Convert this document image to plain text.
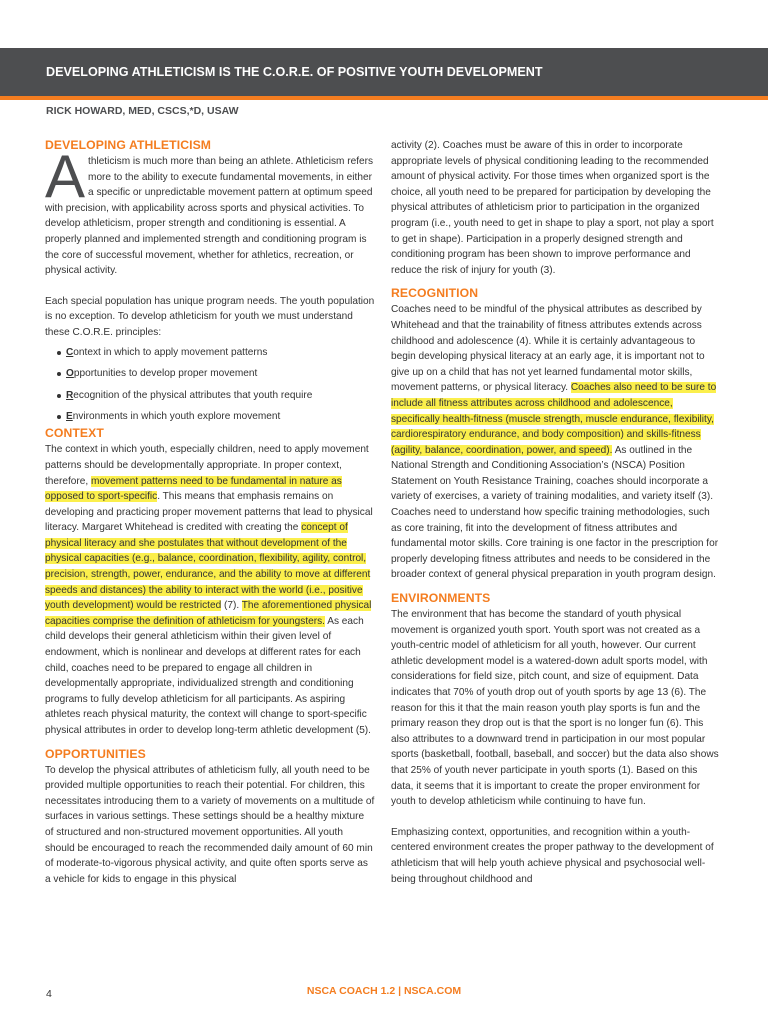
DEVELOPING ATHLETICISM IS THE C.O.R.E. OF POSITIVE YOUTH DEVELOPMENT

RICK HOWARD, MED, CSCS,*D, USAW

DEVELOPING ATHLETICISM

Athleticism is much more than being an athlete. Athleticism refers more to the ability to execute fundamental movements, in either a specific or unpredictable movement pattern at optimum speed with precision, with applicability across sports and physical activities. To develop athleticism, proper strength and conditioning is essential. A properly planned and implemented strength and conditioning program is the core of successful movement, whether for athletics, recreation, or physical activity.

Each special population has unique program needs. The youth population is no exception. To develop athleticism for youth we must understand these C.O.R.E. principles:

Context in which to apply movement patterns
Opportunities to develop proper movement
Recognition of the physical attributes that youth require
Environments in which youth explore movement
CONTEXT

The context in which youth, especially children, need to apply movement patterns should be developmentally appropriate. In proper context, therefore, movement patterns need to be fundamental in nature as opposed to sport-specific. This means that emphasis remains on developing and practicing proper movement patterns that lead to physical literacy. Margaret Whitehead is credited with creating the concept of physical literacy and she postulates that without development of the physical capacities (e.g., balance, coordination, flexibility, agility, control, precision, strength, power, endurance, and the ability to move at different speeds and distances) the ability to interact with the world (i.e., positive youth development) would be restricted (7). The aforementioned physical capacities comprise the definition of athleticism for youngsters. As each child develops their general athleticism within their given level of endowment, which is nonlinear and develops at different rates for each child, coaches need to be prepared to engage all children in developmentally appropriate, individualized strength and conditioning programs to fully develop athleticism for all participants. As aspiring athletes reach physical maturity, the context will change to sport-specific physical attributes in order to develop long-term athletic development (5).

OPPORTUNITIES

To develop the physical attributes of athleticism fully, all youth need to be provided multiple opportunities to reach their potential. For children, this necessitates introducing them to a variety of movements on a multitude of surfaces in various settings. These settings should be a healthy mixture of structured and non-structured movement opportunities. All youth should be encouraged to reach the recommended daily amount of 60 min of moderate-to-vigorous physical activity, and quite often sports serve as a vehicle for kids to engage in this physical

activity (2). Coaches must be aware of this in order to incorporate appropriate levels of physical conditioning leading to the recommended amount of physical activity. For those times when organized sport is the choice, all youth need to be prepared for participation by developing the physical attributes of athleticism prior to participation in the organized program (i.e., youth need to get in shape to play a sport, not play a sport to get in shape). Participation in a properly designed strength and conditioning program has been shown to improve performance and reduce the risk of injury for youth (3).

RECOGNITION

Coaches need to be mindful of the physical attributes as described by Whitehead and that the trainability of fitness attributes extends across childhood and adolescence (4). While it is certainly advantageous to begin developing physical literacy at an early age, it is important not to give up on a child that has not yet learned fundamental motor skills, movement patterns, or physical literacy. Coaches also need to be sure to include all fitness attributes across childhood and adolescence, specifically health-fitness (muscle strength, muscle endurance, flexibility, cardiorespiratory endurance, and body composition) and skills-fitness (agility, balance, coordination, power, and speed). As outlined in the National Strength and Conditioning Association’s (NSCA) Position Statement on Youth Resistance Training, coaches should incorporate a variety of exercises, a variety of training modalities, and variety itself (3). Coaches need to understand how specific training methodologies, such as core training, fit into the development of fitness attributes and fundamental motor skills. Core training is one factor in the prescription for properly developing fitness attributes and needs to be considered in the broader context of general physical preparation in youth program design.

ENVIRONMENTS

The environment that has become the standard of youth physical movement is organized youth sport. Youth sport was not created as a youth-centric model of athleticism for all youth, however. Our current athletic development model is a watered-down adult sports model, with considerations for field size, pitch count, and size of equipment. Data indicates that 70% of youth drop out of youth sports by age 13 (6). The reason for this it that the main reason youth play sports is fun and the primary reason they drop out is that the sport is no longer fun (6). This also attributes to a downward trend in participation in our most popular sports (basketball, football, baseball, and soccer) but the data also shows that 25% of youth never participate in youth sports (1). Based on this data, it seems that it is important to create the proper environment for youth to develop athleticism while continuing to have fun.

Emphasizing context, opportunities, and recognition within a youth-centered environment creates the proper pathway to the development of athleticism that will help youth achieve physical and psychosocial well-being throughout childhood and

4	NSCA COACH 1.2 | NSCA.COM
